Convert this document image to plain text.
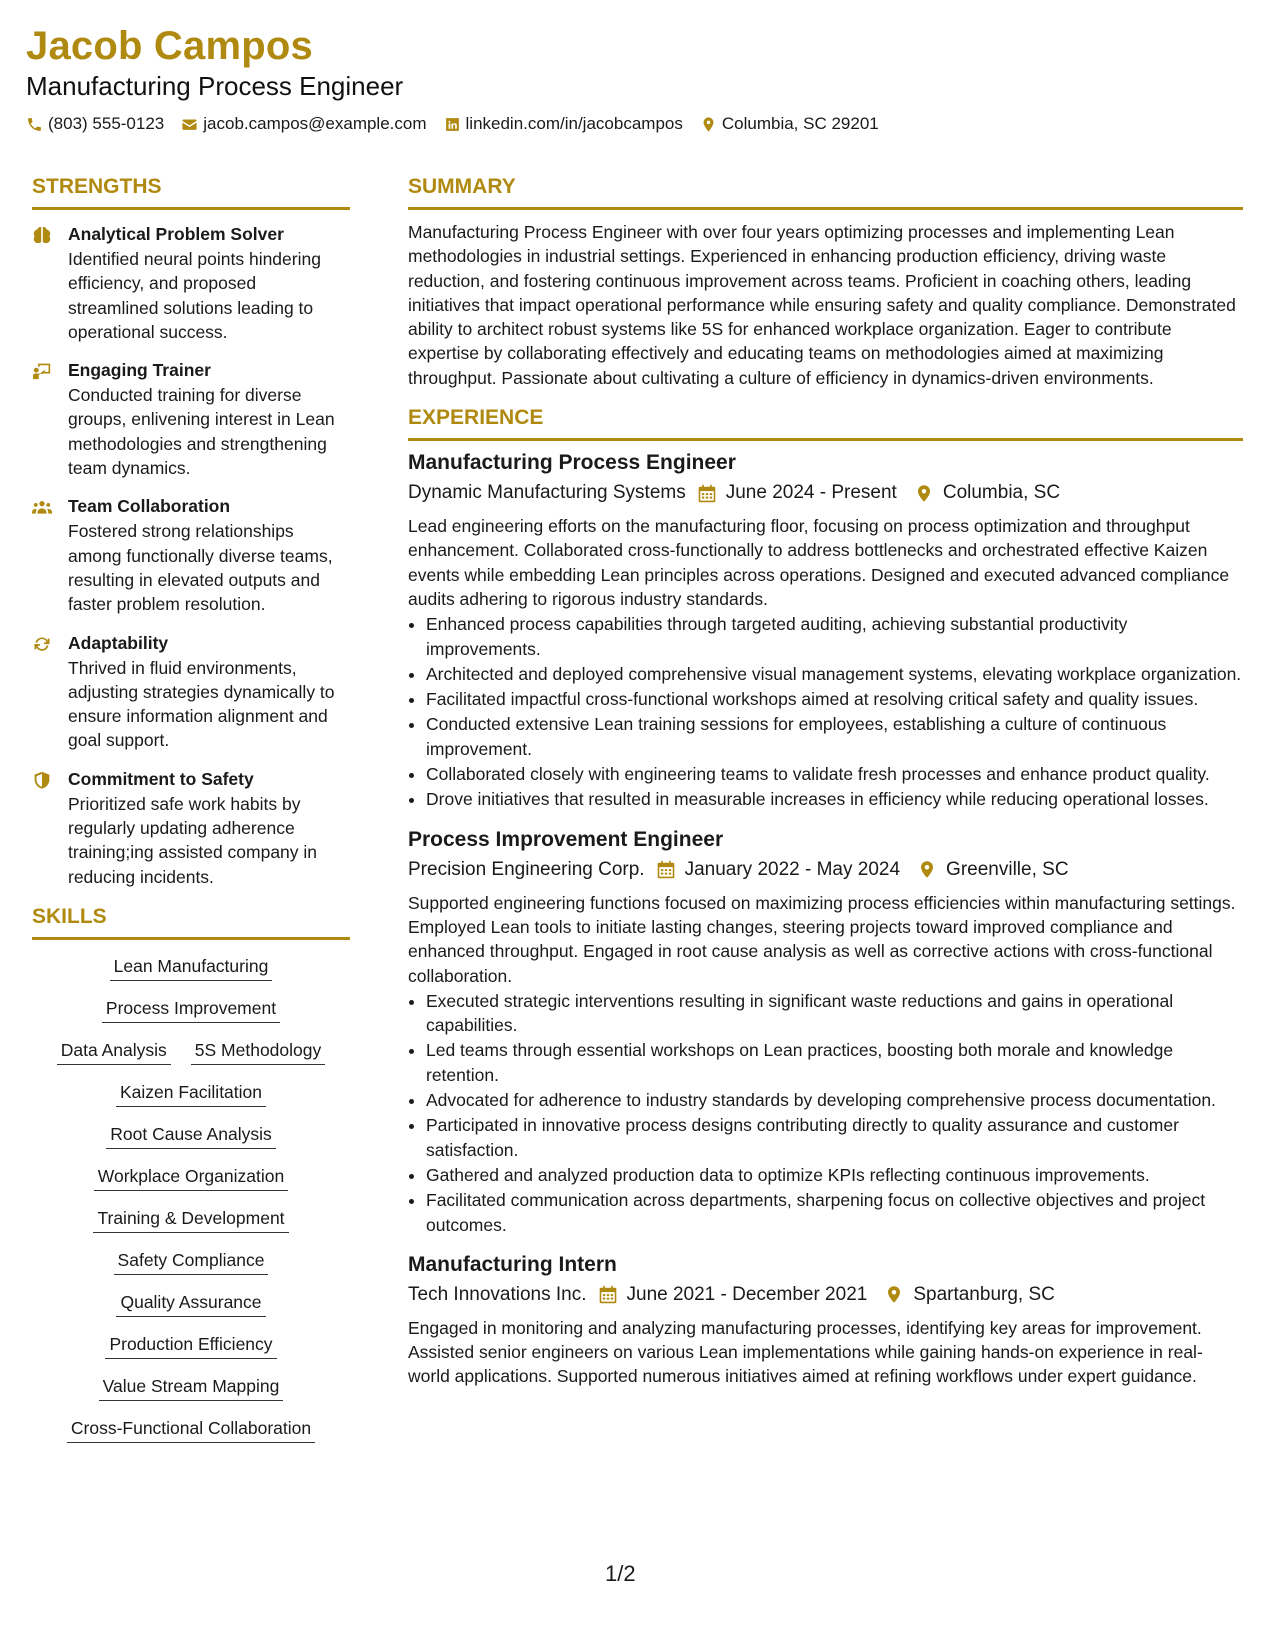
Jacob Campos
Manufacturing Process Engineer
(803) 555-0123 jacob.campos@example.com linkedin.com/in/jacobcampos Columbia, SC 29201
STRENGTHS
Analytical Problem Solver

Identified neural points hindering efficiency, and proposed streamlined solutions leading to operational success.

Engaging Trainer

Conducted training for diverse groups, enlivening interest in Lean methodologies and strengthening team dynamics.

Team Collaboration

Fostered strong relationships among functionally diverse teams, resulting in elevated outputs and faster problem resolution.

Adaptability

Thrived in fluid environments, adjusting strategies dynamically to ensure information alignment and goal support.

Commitment to Safety

Prioritized safe work habits by regularly updating adherence training;ing assisted company in reducing incidents.

SKILLS
Lean Manufacturing
Process Improvement
Data Analysis 5S Methodology
Kaizen Facilitation
Root Cause Analysis
Workplace Organization
Training & Development
Safety Compliance
Quality Assurance
Production Efficiency
Value Stream Mapping
Cross-Functional Collaboration
SUMMARY

Manufacturing Process Engineer with over four years optimizing processes and implementing Lean methodologies in industrial settings. Experienced in enhancing production efficiency, driving waste reduction, and fostering continuous improvement across teams. Proficient in coaching others, leading initiatives that impact operational performance while ensuring safety and quality compliance. Demonstrated ability to architect robust systems like 5S for enhanced workplace organization. Eager to contribute expertise by collaborating effectively and educating teams on methodologies aimed at maximizing throughput. Passionate about cultivating a culture of efficiency in dynamics-driven environments.

EXPERIENCE
Manufacturing Process Engineer
Dynamic Manufacturing Systems June 2024 - Present Columbia, SC

Lead engineering efforts on the manufacturing floor, focusing on process optimization and throughput enhancement. Collaborated cross-functionally to address bottlenecks and orchestrated effective Kaizen events while embedding Lean principles across operations. Designed and executed advanced compliance audits adhering to rigorous industry standards.

• Enhanced process capabilities through targeted auditing, achieving substantial productivity improvements.
• Architected and deployed comprehensive visual management systems, elevating workplace organization.
• Facilitated impactful cross-functional workshops aimed at resolving critical safety and quality issues.
• Conducted extensive Lean training sessions for employees, establishing a culture of continuous improvement.
• Collaborated closely with engineering teams to validate fresh processes and enhance product quality.
• Drove initiatives that resulted in measurable increases in efficiency while reducing operational losses.
Process Improvement Engineer
Precision Engineering Corp. January 2022 - May 2024 Greenville, SC

Supported engineering functions focused on maximizing process efficiencies within manufacturing settings. Employed Lean tools to initiate lasting changes, steering projects toward improved compliance and enhanced throughput. Engaged in root cause analysis as well as corrective actions with cross-functional collaboration.

• Executed strategic interventions resulting in significant waste reductions and gains in operational capabilities.
• Led teams through essential workshops on Lean practices, boosting both morale and knowledge retention.
• Advocated for adherence to industry standards by developing comprehensive process documentation.
• Participated in innovative process designs contributing directly to quality assurance and customer satisfaction.
• Gathered and analyzed production data to optimize KPIs reflecting continuous improvements.
• Facilitated communication across departments, sharpening focus on collective objectives and project outcomes.
Manufacturing Intern
Tech Innovations Inc. June 2021 - December 2021 Spartanburg, SC

Engaged in monitoring and analyzing manufacturing processes, identifying key areas for improvement. Assisted senior engineers on various Lean implementations while gaining hands-on experience in real-world applications. Supported numerous initiatives aimed at refining workflows under expert guidance.

1/2
